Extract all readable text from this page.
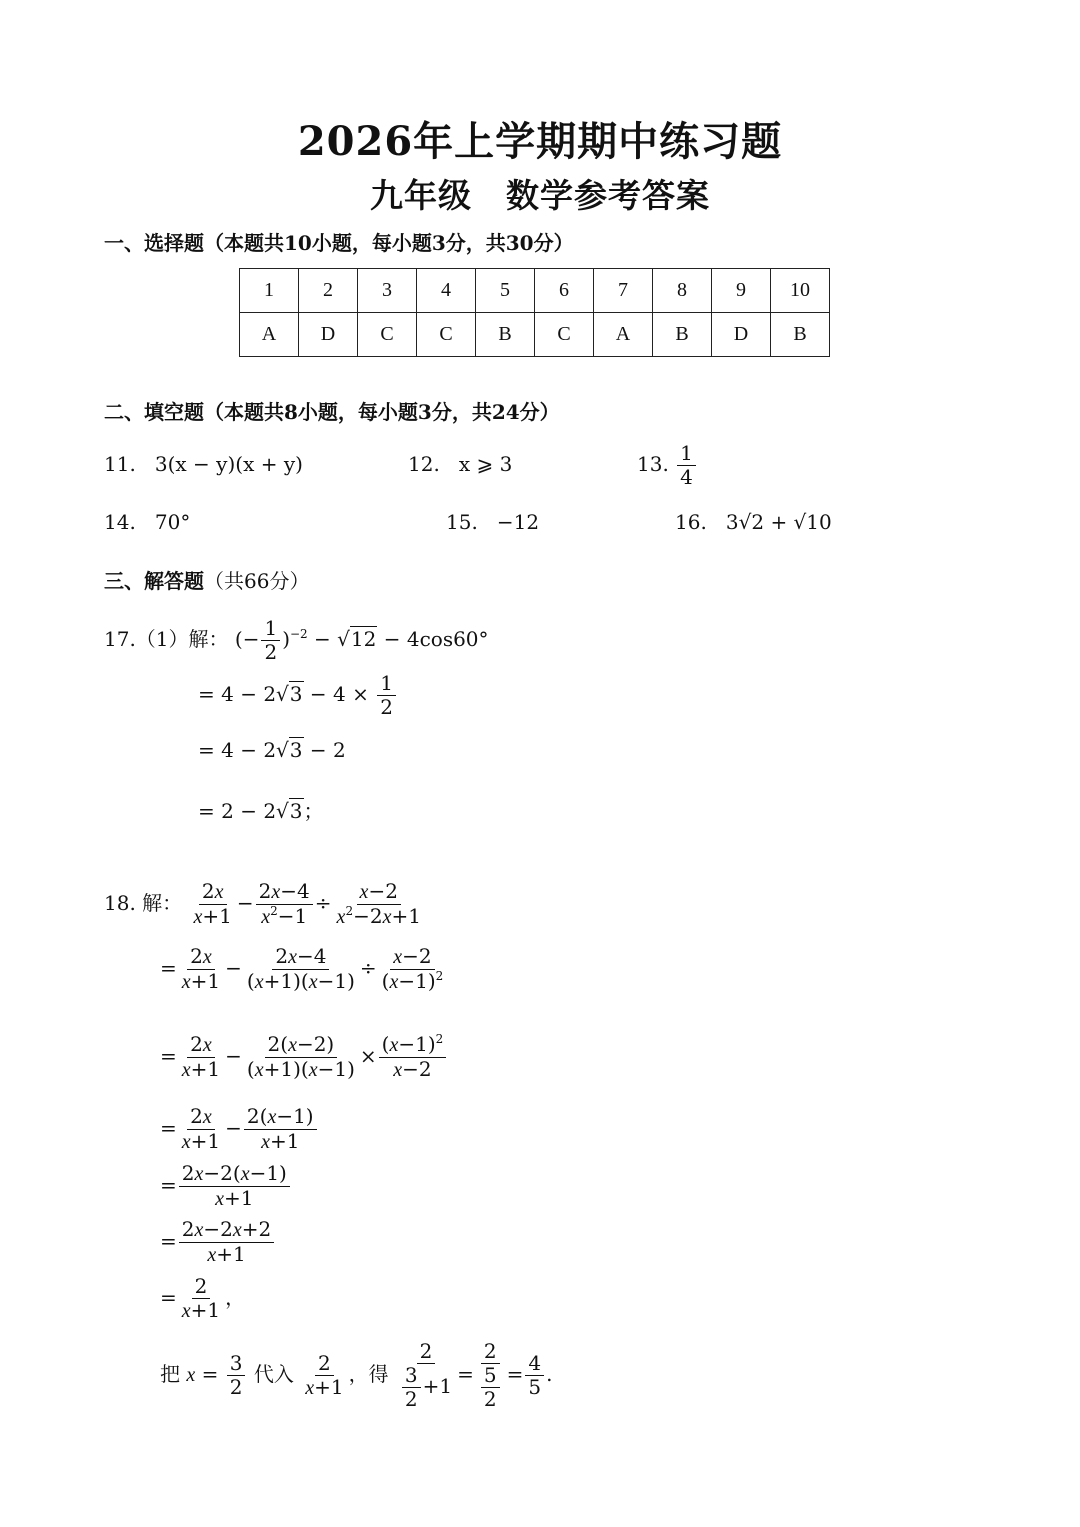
2026年上学期期中练习题
九年级　数学参考答案
一、选择题（本题共10小题，每小题3分，共30分）
1	2	3	4	5	6	7	8	9	10
A	D	C	C	B	C	A	B	D	B
二、填空题（本题共8小题，每小题3分，共24分）
11. 3(x − y)(x + y)	12. x ⩾ 3	13. $\frac{1}{4}$
14. 70°	15. −12	16. 3√2 + √10
三、解答题（共66分）
17.（1）解： (− $\frac{1}{2} )^{-2} - √12 - 4\cos 60^\circ$
= $4 - 2√3 - 4 \times \frac{1}{2}$
= 4 − 2√3 − 2
= 2 − 2√3；
18. 解： $\frac{2x}{x+1} - \frac{2x-4}{x^2-1} \div \frac{x-2}{x^2-2x+1}$
= $\frac{2x}{x+1} - \frac{2x-4}{(x+1)(x-1)} \div \frac{x-2}{(x-1)^2}$
= $\frac{2x}{x+1} - \frac{2(x-2)}{(x+1)(x-1)} \times \frac{(x-1)^2}{x-2}$
= $\frac{2x}{x+1} - \frac{2(x-1)}{x+1}$
= $\frac{2x-2(x-1)}{x+1}$
= $\frac{2x-2x+2}{x+1}$
= $\frac{2}{x+1}$ ，
把 $x = \frac{3}{2}$ 代入 $\frac{2}{x+1}$ ，得 $\frac{2}{\frac{3}{2} +1} = \frac{2}{\frac{5}{2}} = \frac{4}{5}$ .
